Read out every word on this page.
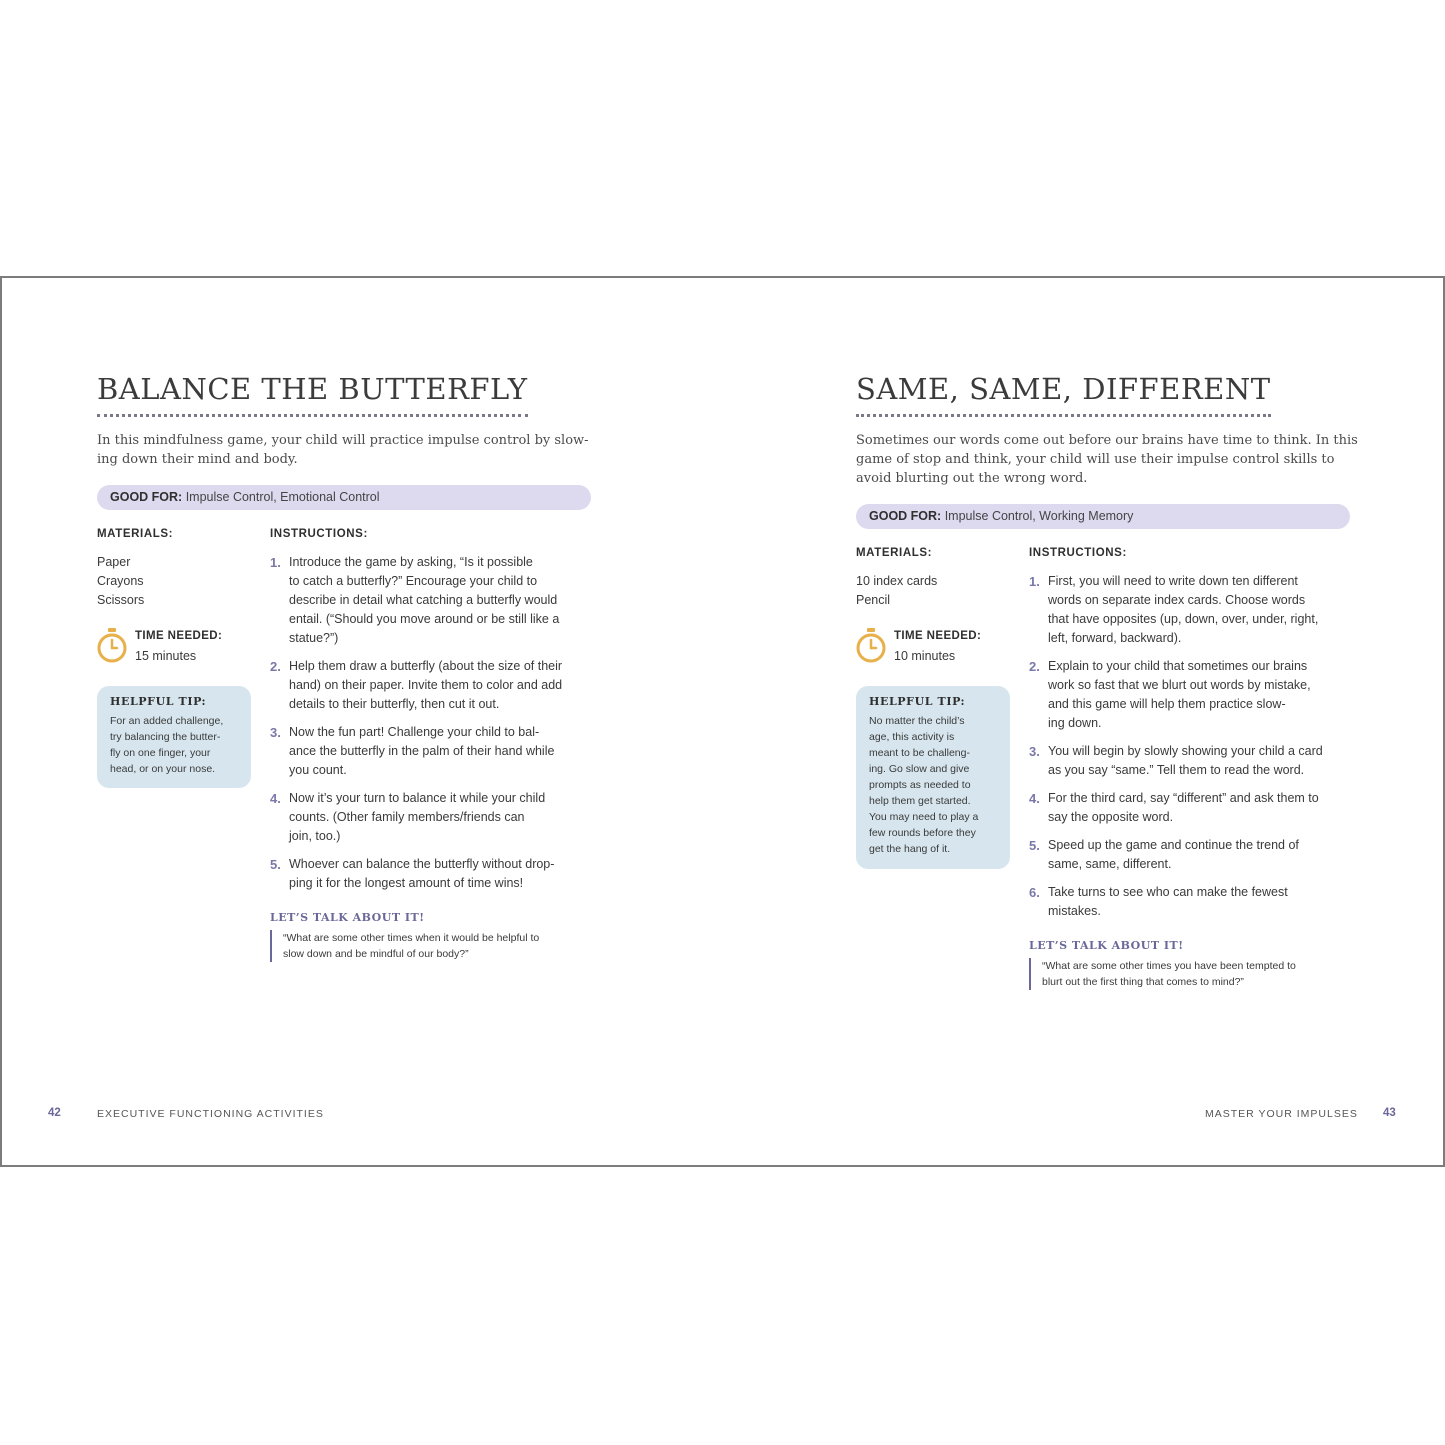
BALANCE THE BUTTERFLY
In this mindfulness game, your child will practice impulse control by slow-
ing down their mind and body.
GOOD FOR: Impulse Control, Emotional Control
MATERIALS:
Paper
Crayons
Scissors
TIME NEEDED:
15 minutes
HELPFUL TIP:
For an added challenge,
try balancing the butter-
fly on one finger, your
head, or on your nose.
INSTRUCTIONS:
1. Introduce the game by asking, “Is it possible
to catch a butterfly?” Encourage your child to
describe in detail what catching a butterfly would
entail. (“Should you move around or be still like a
statue?”)
2. Help them draw a butterfly (about the size of their
hand) on their paper. Invite them to color and add
details to their butterfly, then cut it out.
3. Now the fun part! Challenge your child to bal-
ance the butterfly in the palm of their hand while
you count.
4. Now it’s your turn to balance it while your child
counts. (Other family members/friends can
join, too.)
5. Whoever can balance the butterfly without drop-
ping it for the longest amount of time wins!
LET’S TALK ABOUT IT!
“What are some other times when it would be helpful to
slow down and be mindful of our body?”
42	EXECUTIVE FUNCTIONING ACTIVITIES
SAME, SAME, DIFFERENT
Sometimes our words come out before our brains have time to think. In this
game of stop and think, your child will use their impulse control skills to
avoid blurting out the wrong word.
GOOD FOR: Impulse Control, Working Memory
MATERIALS:
10 index cards
Pencil
TIME NEEDED:
10 minutes
HELPFUL TIP:
No matter the child’s
age, this activity is
meant to be challeng-
ing. Go slow and give
prompts as needed to
help them get started.
You may need to play a
few rounds before they
get the hang of it.
INSTRUCTIONS:
1. First, you will need to write down ten different
words on separate index cards. Choose words
that have opposites (up, down, over, under, right,
left, forward, backward).
2. Explain to your child that sometimes our brains
work so fast that we blurt out words by mistake,
and this game will help them practice slow-
ing down.
3. You will begin by slowly showing your child a card
as you say “same.” Tell them to read the word.
4. For the third card, say “different” and ask them to
say the opposite word.
5. Speed up the game and continue the trend of
same, same, different.
6. Take turns to see who can make the fewest
mistakes.
LET’S TALK ABOUT IT!
“What are some other times you have been tempted to
blurt out the first thing that comes to mind?”
MASTER YOUR IMPULSES 43
